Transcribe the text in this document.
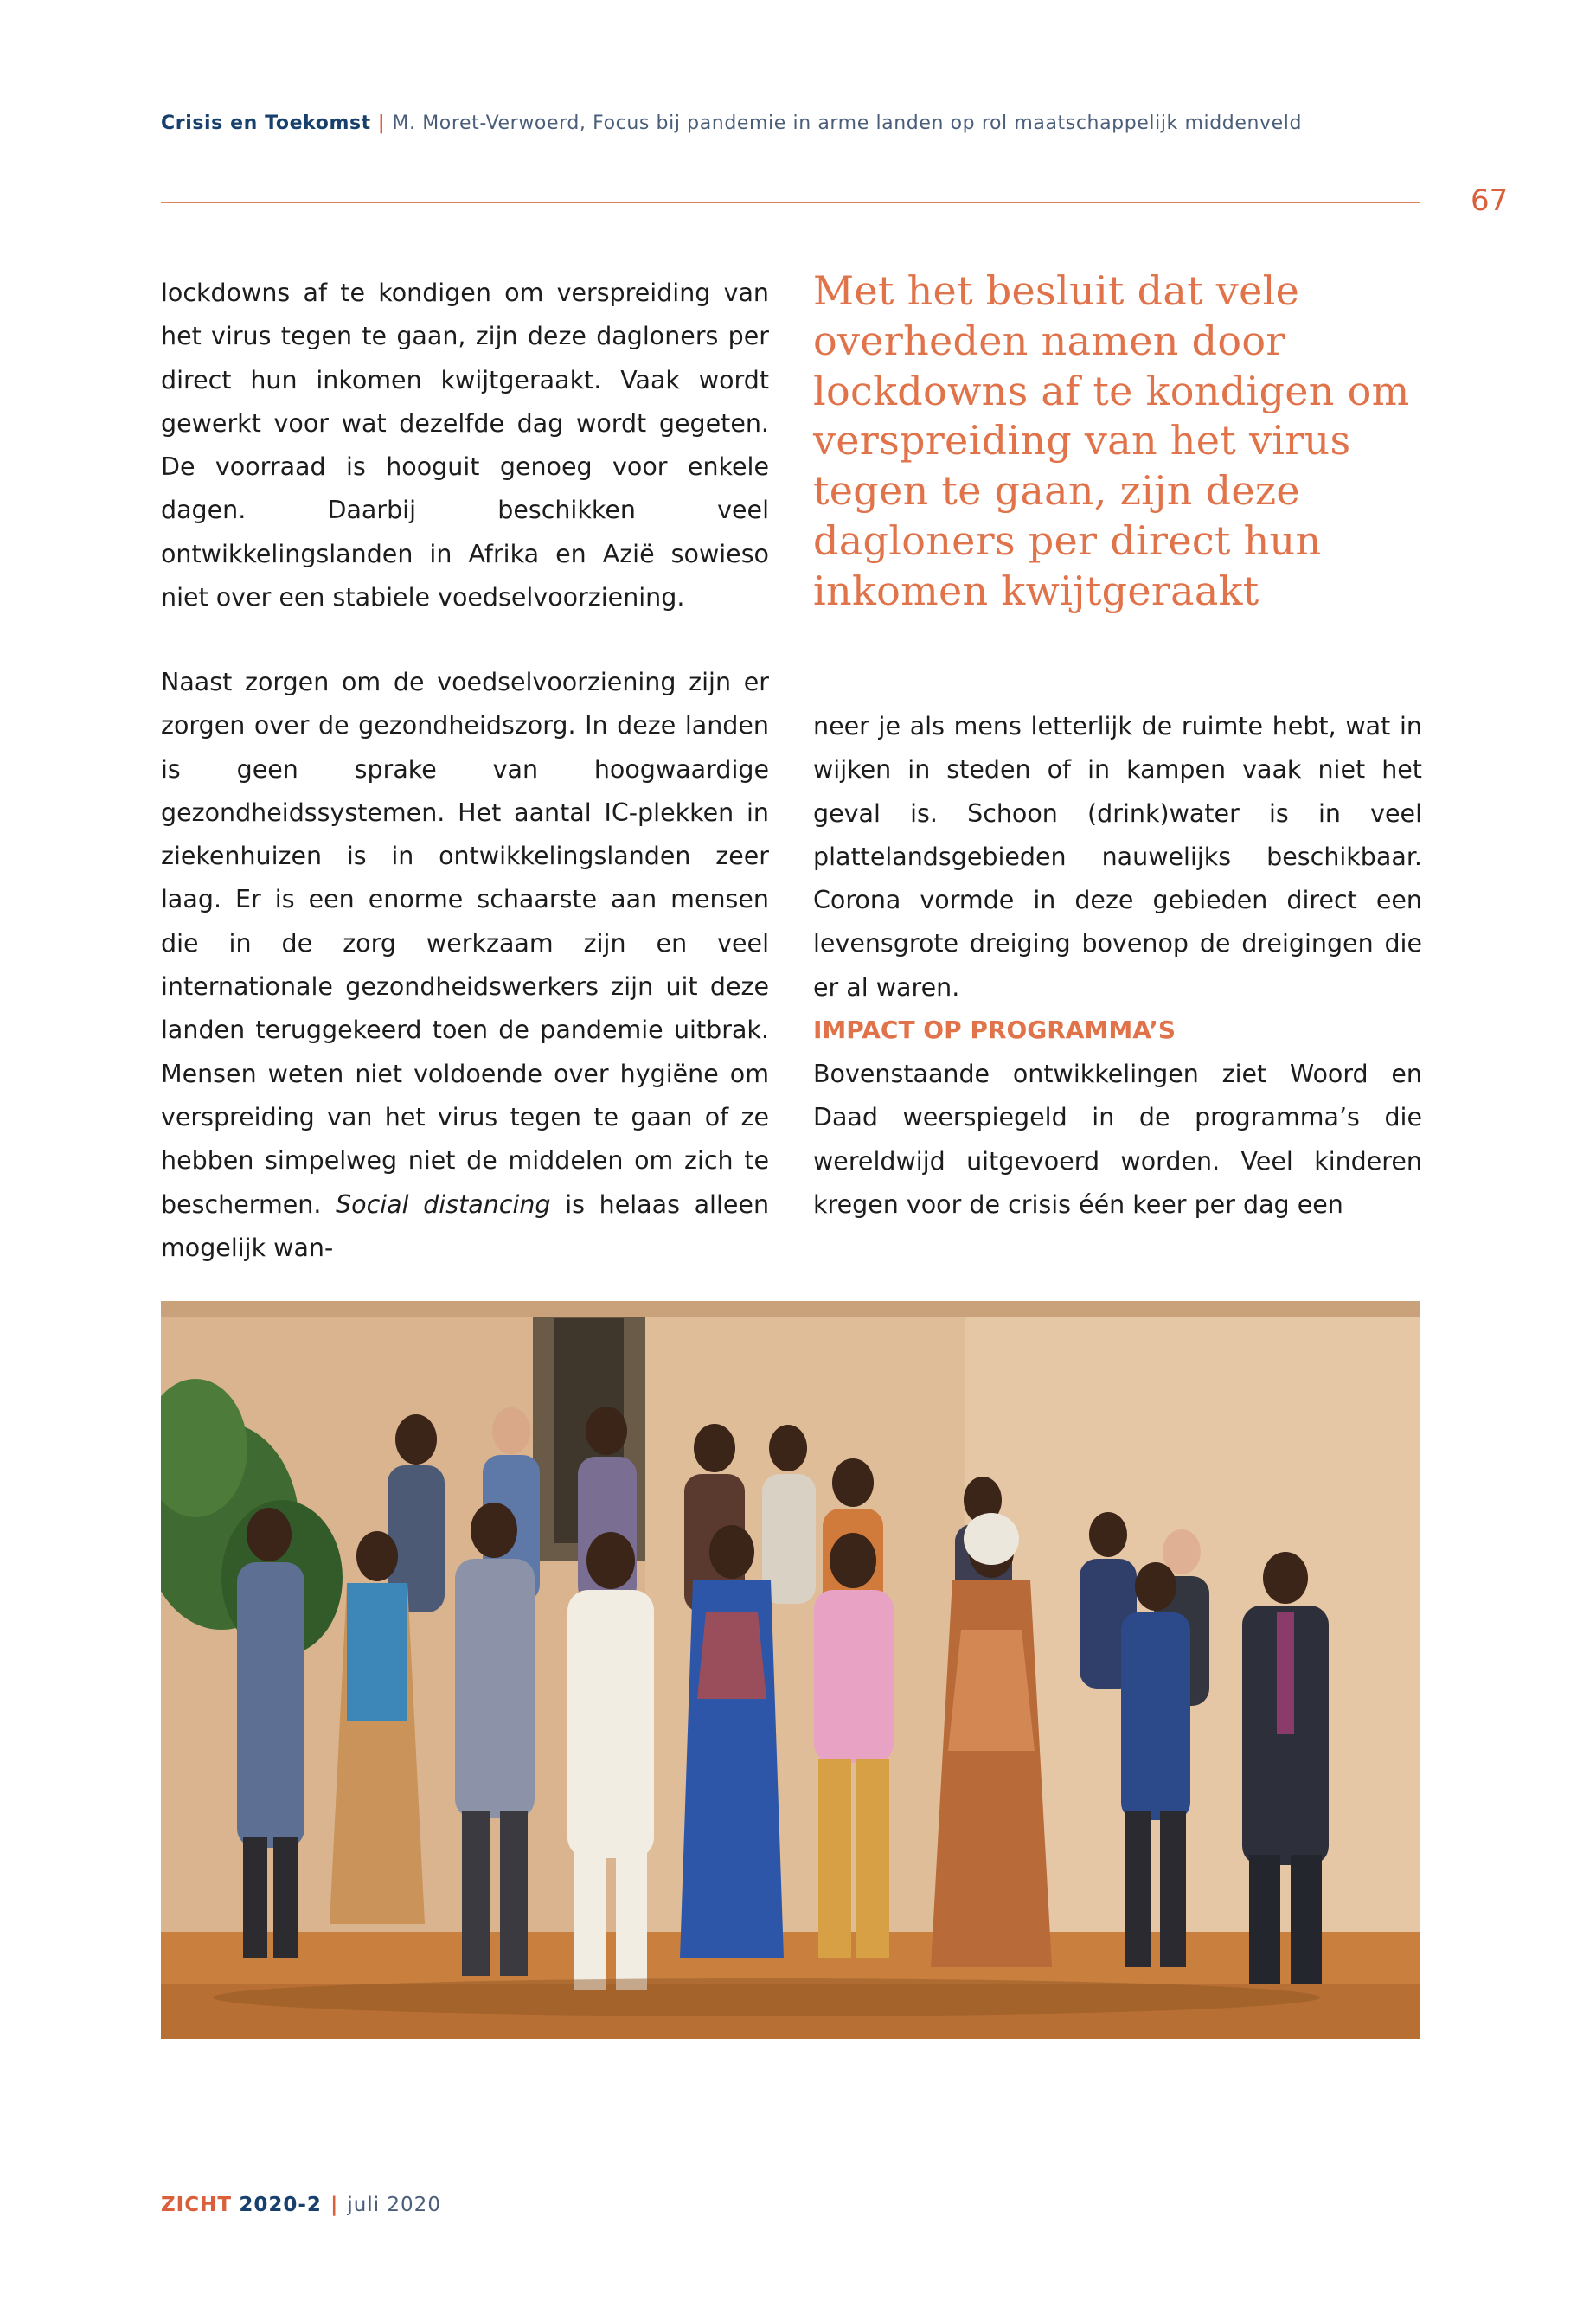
Crisis en Toekomst | M. Moret-Verwoerd, Focus bij pandemie in arme landen op rol maatschappelijk middenveld
67

lockdowns af te kondigen om verspreiding van het virus tegen te gaan, zijn deze dagloners per direct hun inkomen kwijtgeraakt. Vaak wordt gewerkt voor wat dezelfde dag wordt gegeten. De voorraad is hooguit genoeg voor enkele dagen. Daarbij beschikken veel ontwikkelingslanden in Afrika en Azië sowieso niet over een stabiele voedselvoorziening.

Naast zorgen om de voedselvoorziening zijn er zorgen over de gezondheidszorg. In deze landen is geen sprake van hoogwaardige gezondheidssystemen. Het aantal IC-plekken in ziekenhuizen is in ontwikkelingslanden zeer laag. Er is een enorme schaarste aan mensen die in de zorg werkzaam zijn en veel internationale gezondheidswerkers zijn uit deze landen teruggekeerd toen de pandemie uitbrak. Mensen weten niet voldoende over hygiëne om verspreiding van het virus tegen te gaan of ze hebben simpelweg niet de middelen om zich te beschermen. Social distancing is helaas alleen mogelijk wan-

Met het besluit dat vele overheden namen door lockdowns af te kondigen om verspreiding van het virus tegen te gaan, zijn deze dagloners per direct hun inkomen kwijtgeraakt

neer je als mens letterlijk de ruimte hebt, wat in wijken in steden of in kampen vaak niet het geval is. Schoon (drink)water is in veel plattelandsgebieden nauwelijks beschikbaar. Corona vormde in deze gebieden direct een levensgrote dreiging bovenop de dreigingen die er al waren.

IMPACT OP PROGRAMMA’S

Bovenstaande ontwikkelingen ziet Woord en Daad weerspiegeld in de programma’s die wereldwijd uitgevoerd worden. Veel kinderen kregen voor de crisis één keer per dag een

ZICHT 2020-2 | juli 2020
